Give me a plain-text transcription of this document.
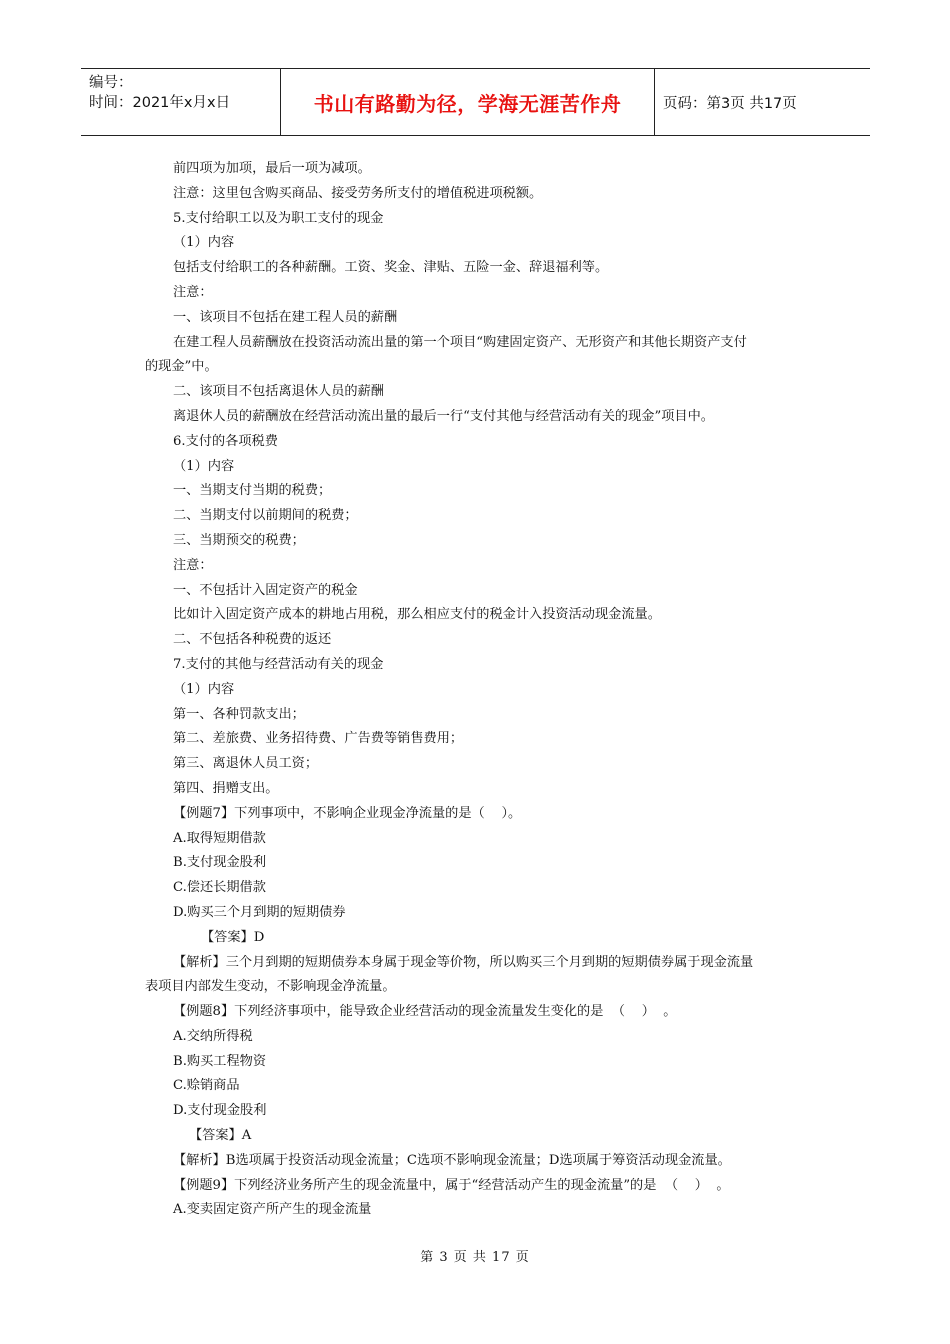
编号：
时间：2021年x月x日	书山有路勤为径，学海无涯苦作舟	页码：第3页 共17页

前四项为加项，最后一项为减项。

注意：这里包含购买商品、接受劳务所支付的增值税进项税额。

5.支付给职工以及为职工支付的现金

（1）内容

包括支付给职工的各种薪酬。工资、奖金、津贴、五险一金、辞退福利等。

注意：

一、该项目不包括在建工程人员的薪酬

在建工程人员薪酬放在投资活动流出量的第一个项目“购建固定资产、无形资产和其他长期资产支付

的现金”中。

二、该项目不包括离退休人员的薪酬

离退休人员的薪酬放在经营活动流出量的最后一行“支付其他与经营活动有关的现金”项目中。

6.支付的各项税费

（1）内容

一、当期支付当期的税费；

二、当期支付以前期间的税费；

三、当期预交的税费；

注意：

一、不包括计入固定资产的税金

比如计入固定资产成本的耕地占用税，那么相应支付的税金计入投资活动现金流量。

二、不包括各种税费的返还

7.支付的其他与经营活动有关的现金

（1）内容

第一、各种罚款支出；

第二、差旅费、业务招待费、广告费等销售费用；

第三、离退休人员工资；

第四、捐赠支出。

【例题7】下列事项中，不影响企业现金净流量的是（    ）。

A.取得短期借款

B.支付现金股利

C.偿还长期借款

D.购买三个月到期的短期债券

【答案】D

【解析】三个月到期的短期债券本身属于现金等价物，所以购买三个月到期的短期债券属于现金流量

表项目内部发生变动，不影响现金净流量。

【例题8】下列经济事项中，能导致企业经营活动的现金流量发生变化的是  （    ）  。

A.交纳所得税

B.购买工程物资

C.赊销商品

D.支付现金股利

【答案】A

【解析】B选项属于投资活动现金流量；C选项不影响现金流量；D选项属于筹资活动现金流量。

【例题9】下列经济业务所产生的现金流量中，属于“经营活动产生的现金流量”的是  （    ）  。

A.变卖固定资产所产生的现金流量

第 3 页 共 17 页
